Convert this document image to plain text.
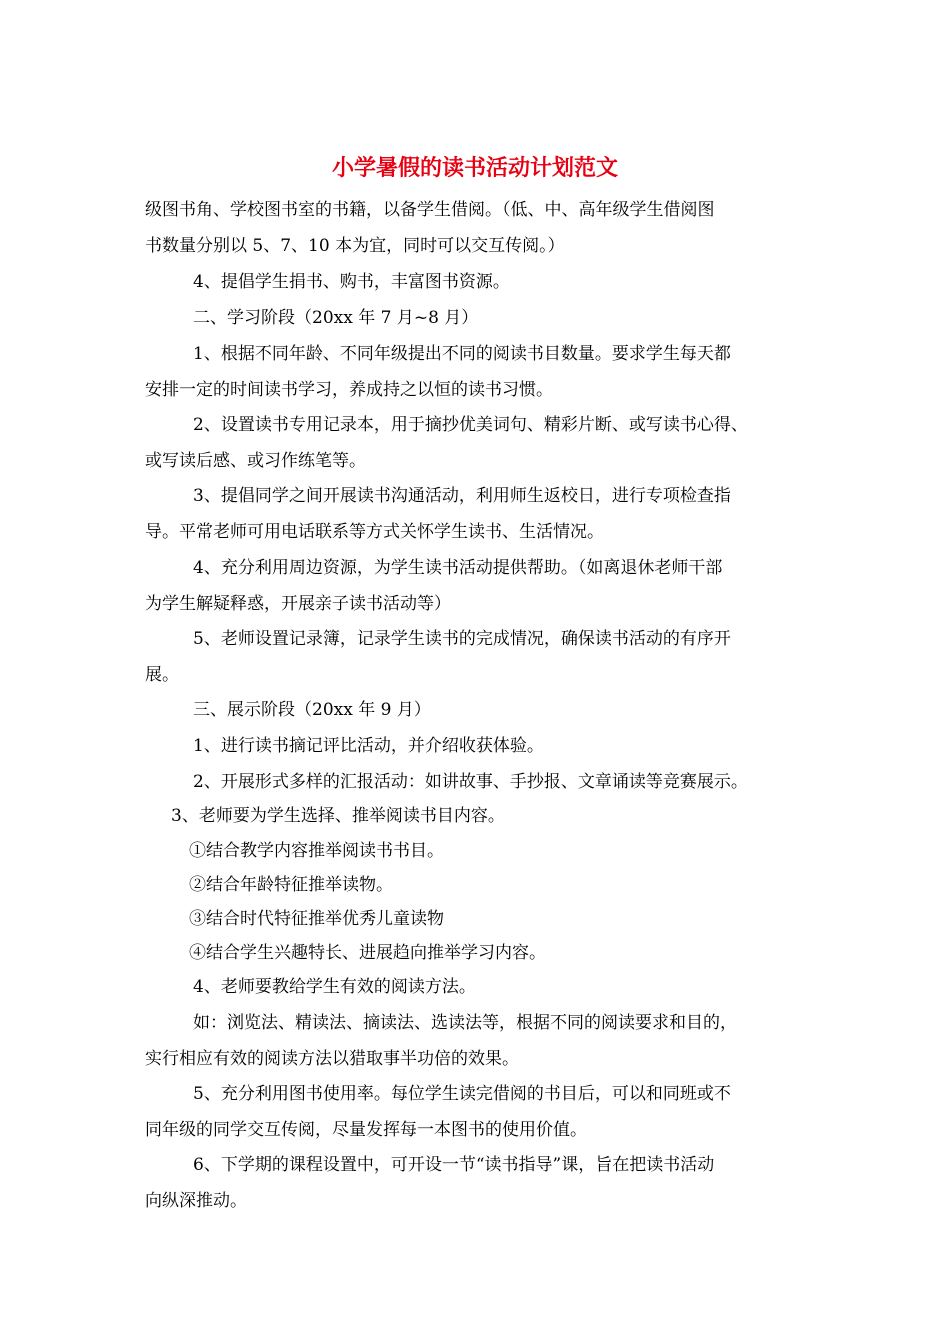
小学暑假的读书活动计划范文
级图书角、学校图书室的书籍，以备学生借阅。（低、中、高年级学生借阅图
书数量分别以 5、7、10 本为宜，同时可以交互传阅。）
4、提倡学生捐书、购书，丰富图书资源。
二、学习阶段（20xx 年 7 月~8 月）
1、根据不同年龄、不同年级提出不同的阅读书目数量。要求学生每天都
安排一定的时间读书学习，养成持之以恒的读书习惯。
2、设置读书专用记录本，用于摘抄优美词句、精彩片断、或写读书心得、
或写读后感、或习作练笔等。
3、提倡同学之间开展读书沟通活动，利用师生返校日，进行专项检查指
导。平常老师可用电话联系等方式关怀学生读书、生活情况。
4、充分利用周边资源，为学生读书活动提供帮助。（如离退休老师干部
为学生解疑释惑，开展亲子读书活动等）
5、老师设置记录簿，记录学生读书的完成情况，确保读书活动的有序开
展。
三、展示阶段（20xx 年 9 月）
1、进行读书摘记评比活动，并介绍收获体验。
2、开展形式多样的汇报活动：如讲故事、手抄报、文章诵读等竞赛展示。
3、老师要为学生选择、推举阅读书目内容。
①结合教学内容推举阅读书书目。
②结合年龄特征推举读物。
③结合时代特征推举优秀儿童读物
④结合学生兴趣特长、进展趋向推举学习内容。
4、老师要教给学生有效的阅读方法。
如：浏览法、精读法、摘读法、选读法等，根据不同的阅读要求和目的，
实行相应有效的阅读方法以猎取事半功倍的效果。
5、充分利用图书使用率。每位学生读完借阅的书目后，可以和同班或不
同年级的同学交互传阅，尽量发挥每一本图书的使用价值。
6、下学期的课程设置中，可开设一节“读书指导”课，旨在把读书活动
向纵深推动。
